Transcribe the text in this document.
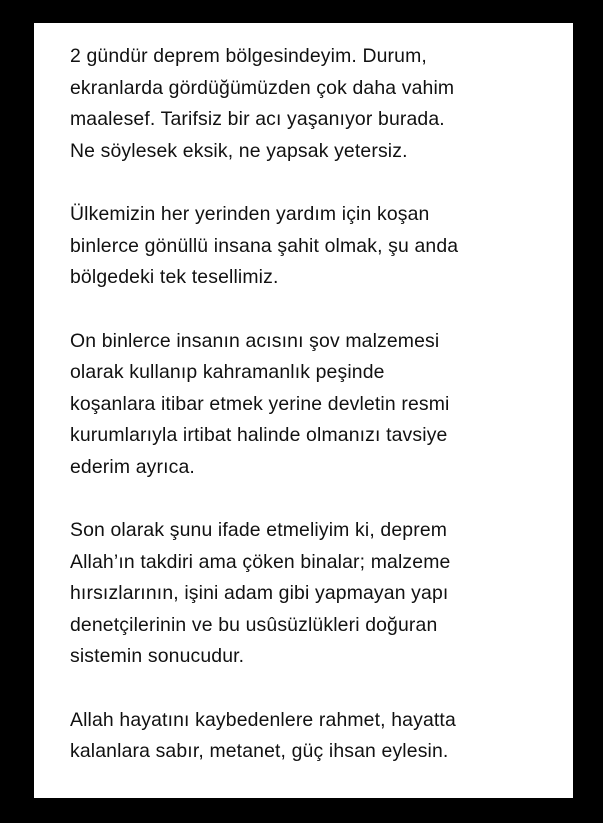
2 gündür deprem bölgesindeyim. Durum,
ekranlarda gördüğümüzden çok daha vahim
maalesef. Tarifsiz bir acı yaşanıyor burada.
Ne söylesek eksik, ne yapsak yetersiz.

Ülkemizin her yerinden yardım için koşan
binlerce gönüllü insana şahit olmak, şu anda
bölgedeki tek tesellimiz.

On binlerce insanın acısını şov malzemesi
olarak kullanıp kahramanlık peşinde
koşanlara itibar etmek yerine devletin resmi
kurumlarıyla irtibat halinde olmanızı tavsiye
ederim ayrıca.

Son olarak şunu ifade etmeliyim ki, deprem
Allah’ın takdiri ama çöken binalar; malzeme
hırsızlarının, işini adam gibi yapmayan yapı
denetçilerinin ve bu usûsüzlükleri doğuran
sistemin sonucudur.

Allah hayatını kaybedenlere rahmet, hayatta
kalanlara sabır, metanet, güç ihsan eylesin.
